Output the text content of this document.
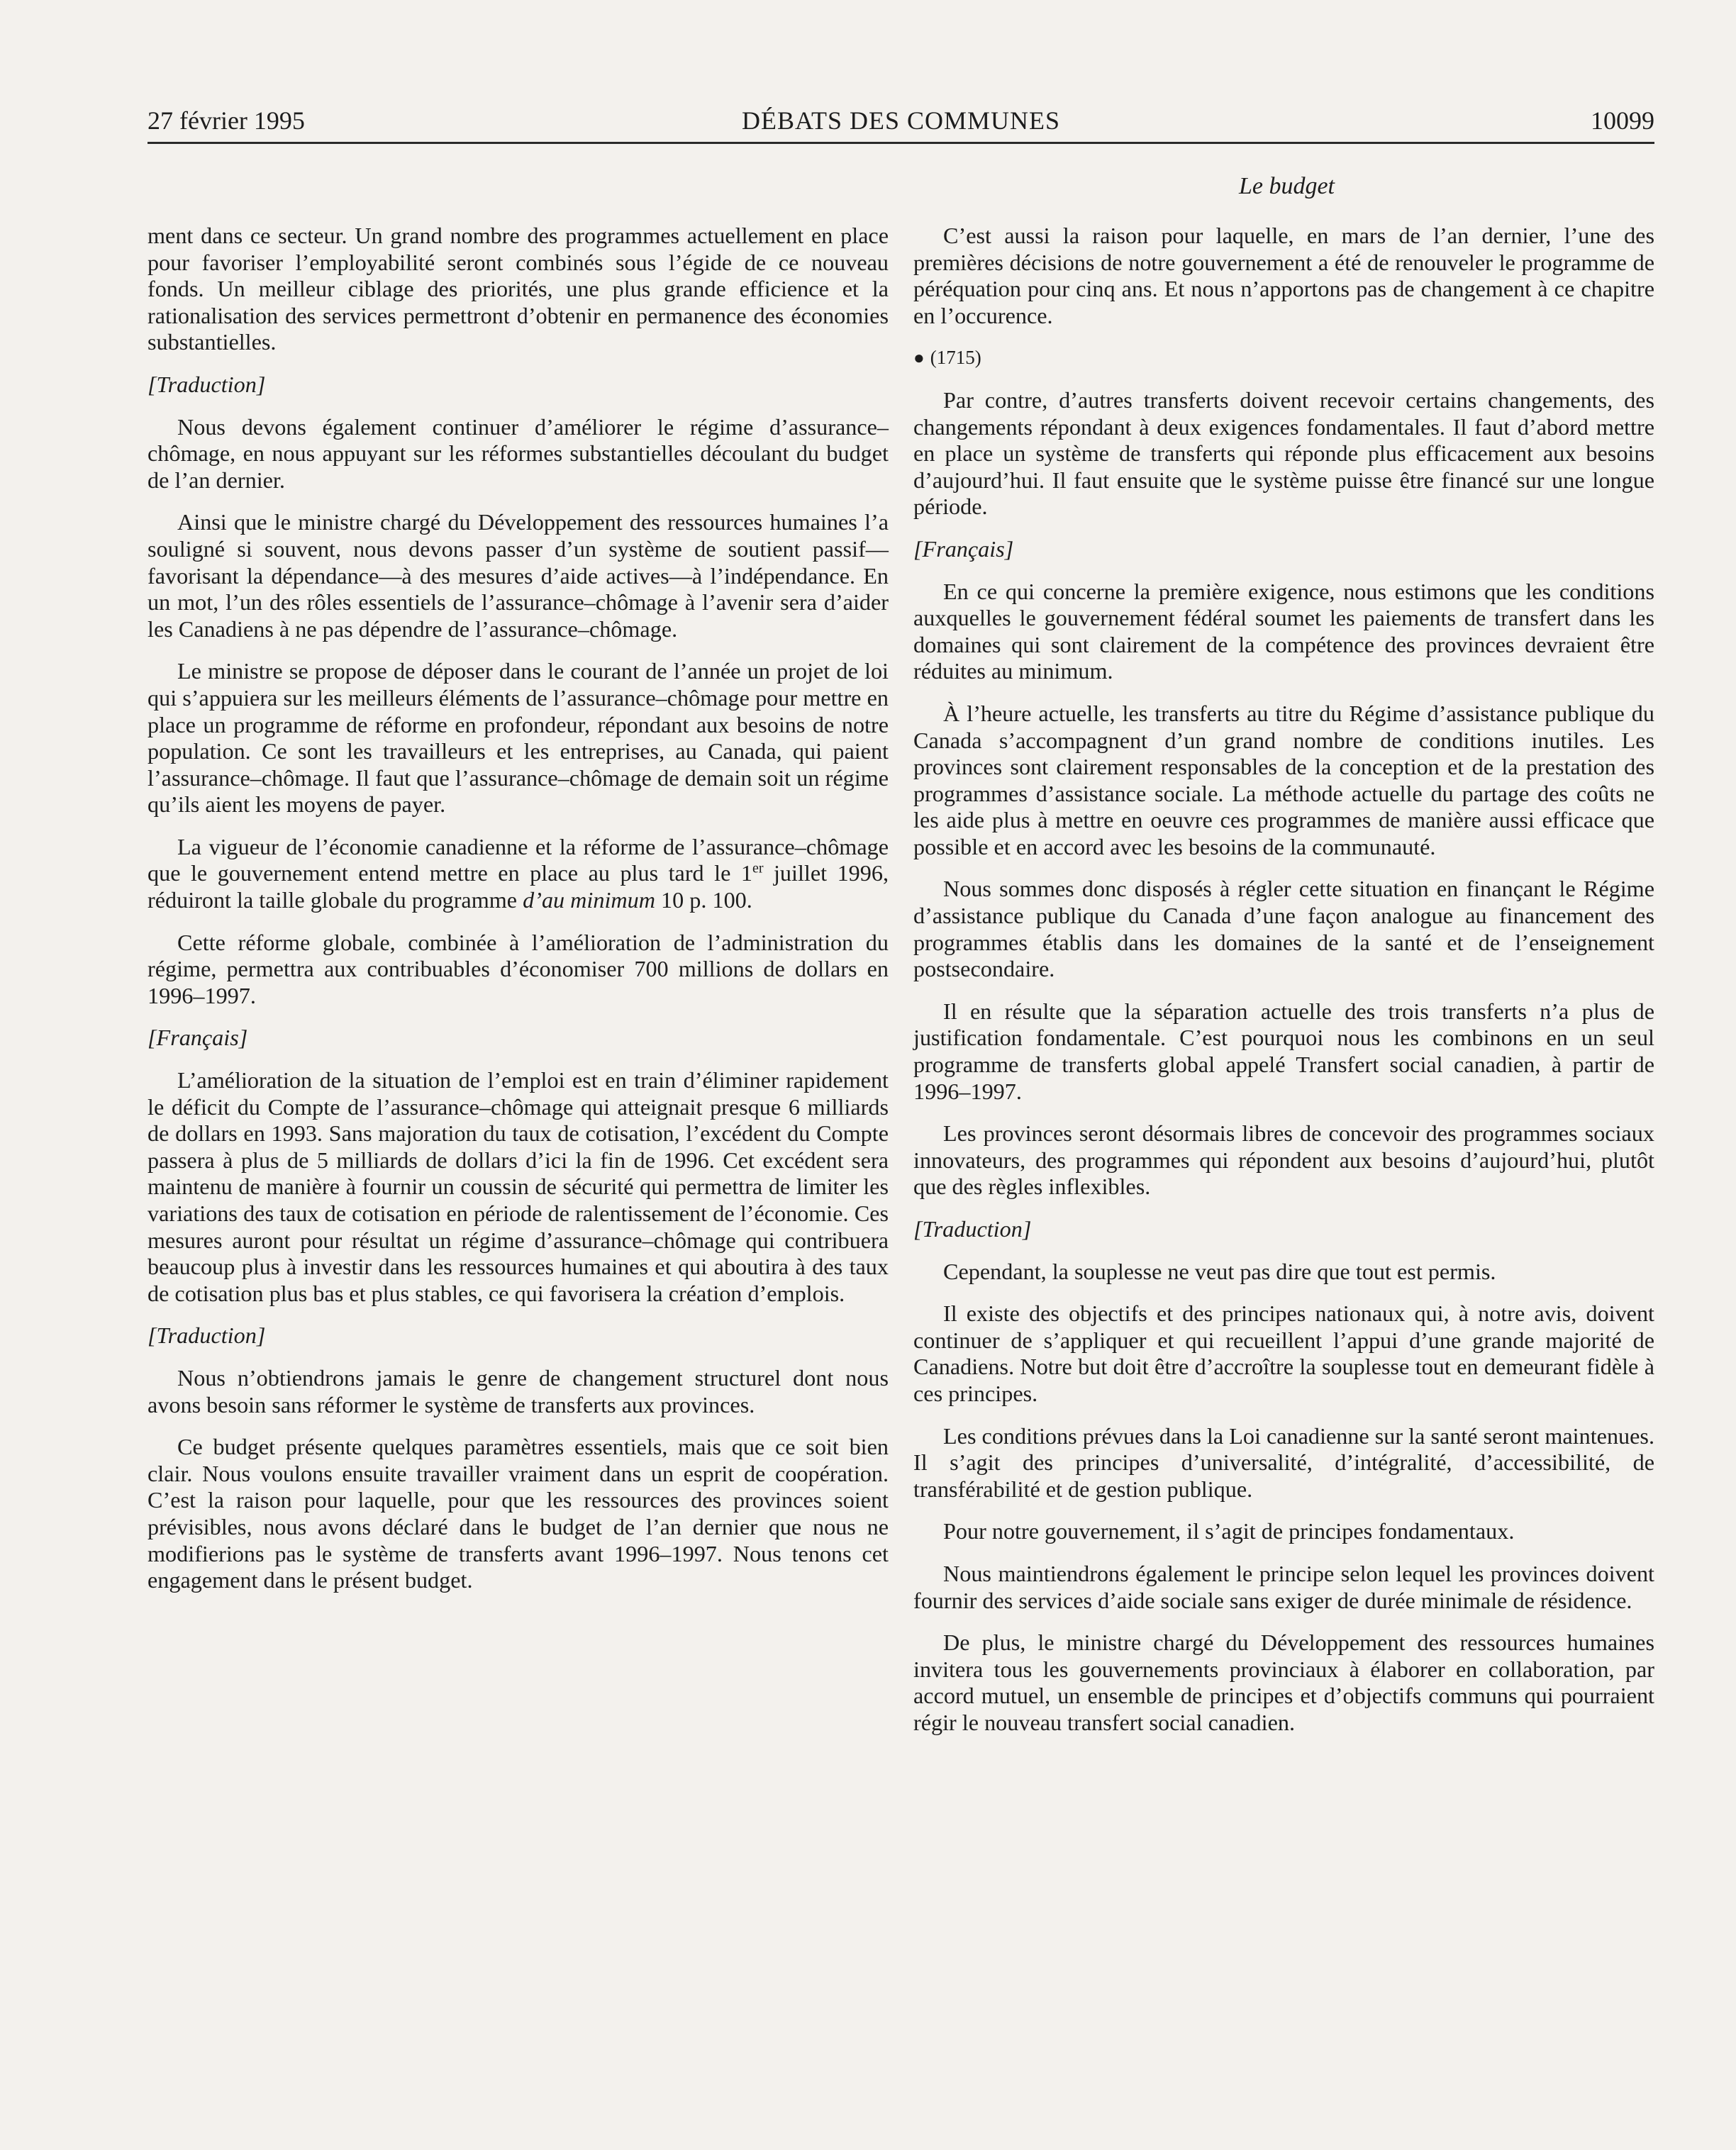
27 février 1995	DÉBATS DES COMMUNES	10099
Le budget

ment dans ce secteur. Un grand nombre des programmes actuellement en place pour favoriser l’employabilité seront combinés sous l’égide de ce nouveau fonds. Un meilleur ciblage des priorités, une plus grande efficience et la rationalisation des services permettront d’obtenir en permanence des économies substantielles.

[Traduction]

Nous devons également continuer d’améliorer le régime d’assurance–chômage, en nous appuyant sur les réformes substantielles découlant du budget de l’an dernier.

Ainsi que le ministre chargé du Développement des ressources humaines l’a souligné si souvent, nous devons passer d’un système de soutient passif—favorisant la dépendance—à des mesures d’aide actives—à l’indépendance. En un mot, l’un des rôles essentiels de l’assurance–chômage à l’avenir sera d’aider les Canadiens à ne pas dépendre de l’assurance–chômage.

Le ministre se propose de déposer dans le courant de l’année un projet de loi qui s’appuiera sur les meilleurs éléments de l’assurance–chômage pour mettre en place un programme de réforme en profondeur, répondant aux besoins de notre population. Ce sont les travailleurs et les entreprises, au Canada, qui paient l’assurance–chômage. Il faut que l’assurance–chômage de demain soit un régime qu’ils aient les moyens de payer.

La vigueur de l’économie canadienne et la réforme de l’assurance–chômage que le gouvernement entend mettre en place au plus tard le 1er juillet 1996, réduiront la taille globale du programme d’au minimum 10 p. 100.

Cette réforme globale, combinée à l’amélioration de l’administration du régime, permettra aux contribuables d’économiser 700 millions de dollars en 1996–1997.

[Français]

L’amélioration de la situation de l’emploi est en train d’éliminer rapidement le déficit du Compte de l’assurance–chômage qui atteignait presque 6 milliards de dollars en 1993. Sans majoration du taux de cotisation, l’excédent du Compte passera à plus de 5 milliards de dollars d’ici la fin de 1996. Cet excédent sera maintenu de manière à fournir un coussin de sécurité qui permettra de limiter les variations des taux de cotisation en période de ralentissement de l’économie. Ces mesures auront pour résultat un régime d’assurance–chômage qui contribuera beaucoup plus à investir dans les ressources humaines et qui aboutira à des taux de cotisation plus bas et plus stables, ce qui favorisera la création d’emplois.

[Traduction]

Nous n’obtiendrons jamais le genre de changement structurel dont nous avons besoin sans réformer le système de transferts aux provinces.

Ce budget présente quelques paramètres essentiels, mais que ce soit bien clair. Nous voulons ensuite travailler vraiment dans un esprit de coopération. C’est la raison pour laquelle, pour que les ressources des provinces soient prévisibles, nous avons déclaré dans le budget de l’an dernier que nous ne modifierions pas le système de transferts avant 1996–1997. Nous tenons cet engagement dans le présent budget.

C’est aussi la raison pour laquelle, en mars de l’an dernier, l’une des premières décisions de notre gouvernement a été de renouveler le programme de péréquation pour cinq ans. Et nous n’apportons pas de changement à ce chapitre en l’occurence.

● (1715)

Par contre, d’autres transferts doivent recevoir certains changements, des changements répondant à deux exigences fondamentales. Il faut d’abord mettre en place un système de transferts qui réponde plus efficacement aux besoins d’aujourd’hui. Il faut ensuite que le système puisse être financé sur une longue période.

[Français]

En ce qui concerne la première exigence, nous estimons que les conditions auxquelles le gouvernement fédéral soumet les paiements de transfert dans les domaines qui sont clairement de la compétence des provinces devraient être réduites au minimum.

À l’heure actuelle, les transferts au titre du Régime d’assistance publique du Canada s’accompagnent d’un grand nombre de conditions inutiles. Les provinces sont clairement responsables de la conception et de la prestation des programmes d’assistance sociale. La méthode actuelle du partage des coûts ne les aide plus à mettre en oeuvre ces programmes de manière aussi efficace que possible et en accord avec les besoins de la communauté.

Nous sommes donc disposés à régler cette situation en finançant le Régime d’assistance publique du Canada d’une façon analogue au financement des programmes établis dans les domaines de la santé et de l’enseignement postsecondaire.

Il en résulte que la séparation actuelle des trois transferts n’a plus de justification fondamentale. C’est pourquoi nous les combinons en un seul programme de transferts global appelé Transfert social canadien, à partir de 1996–1997.

Les provinces seront désormais libres de concevoir des programmes sociaux innovateurs, des programmes qui répondent aux besoins d’aujourd’hui, plutôt que des règles inflexibles.

[Traduction]

Cependant, la souplesse ne veut pas dire que tout est permis.

Il existe des objectifs et des principes nationaux qui, à notre avis, doivent continuer de s’appliquer et qui recueillent l’appui d’une grande majorité de Canadiens. Notre but doit être d’accroître la souplesse tout en demeurant fidèle à ces principes.

Les conditions prévues dans la Loi canadienne sur la santé seront maintenues. Il s’agit des principes d’universalité, d’intégralité, d’accessibilité, de transférabilité et de gestion publique.

Pour notre gouvernement, il s’agit de principes fondamentaux.

Nous maintiendrons également le principe selon lequel les provinces doivent fournir des services d’aide sociale sans exiger de durée minimale de résidence.

De plus, le ministre chargé du Développement des ressources humaines invitera tous les gouvernements provinciaux à élaborer en collaboration, par accord mutuel, un ensemble de principes et d’objectifs communs qui pourraient régir le nouveau transfert social canadien.
